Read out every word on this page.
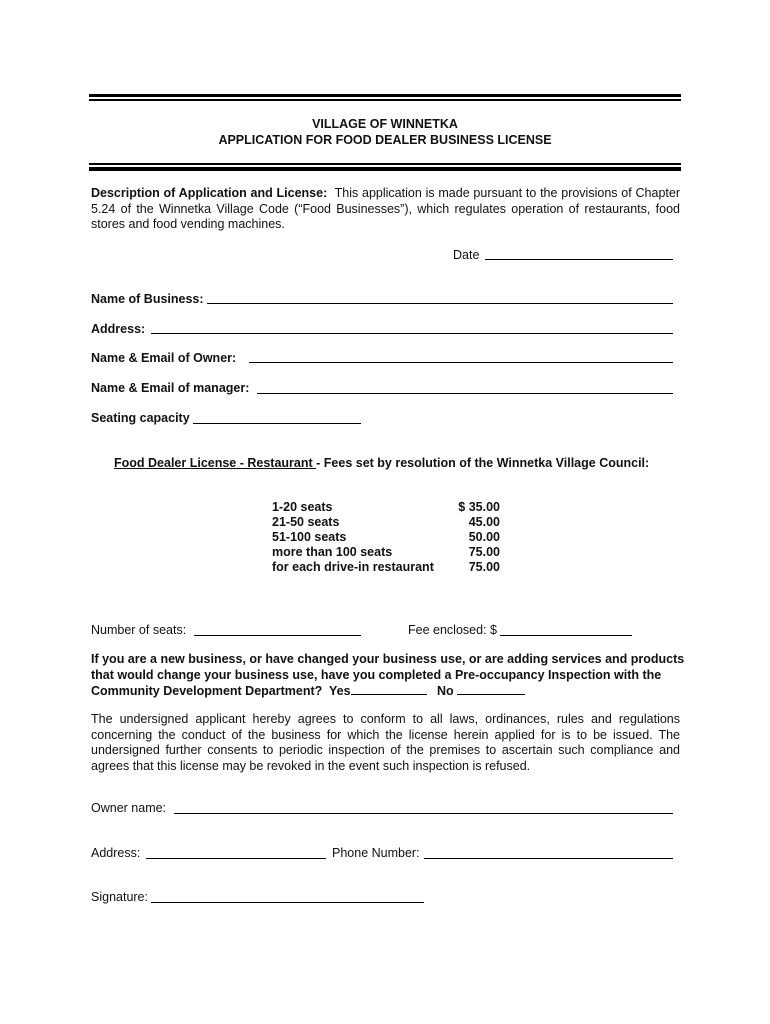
VILLAGE OF WINNETKA
APPLICATION FOR FOOD DEALER BUSINESS LICENSE
Description of Application and License: This application is made pursuant to the provisions of Chapter 5.24 of the Winnetka Village Code (“Food Businesses”), which regulates operation of restaurants, food stores and food vending machines.
Date
Name of Business:
Address:
Name & Email of Owner:
Name & Email of manager:
Seating capacity
Food Dealer License - Restaurant - Fees set by resolution of the Winnetka Village Council:
1-20 seats	$ 35.00
21-50 seats	45.00
51-100 seats	50.00
more than 100 seats	75.00
for each drive-in restaurant	75.00
Number of seats:	Fee enclosed: $
If you are a new business, or have changed your business use, or are adding services and products that would change your business use, have you completed a Pre-occupancy Inspection with the Community Development Department? Yes	No
The undersigned applicant hereby agrees to conform to all laws, ordinances, rules and regulations concerning the conduct of the business for which the license herein applied for is to be issued. The undersigned further consents to periodic inspection of the premises to ascertain such compliance and agrees that this license may be revoked in the event such inspection is refused.
Owner name:
Address:	Phone Number:
Signature:
